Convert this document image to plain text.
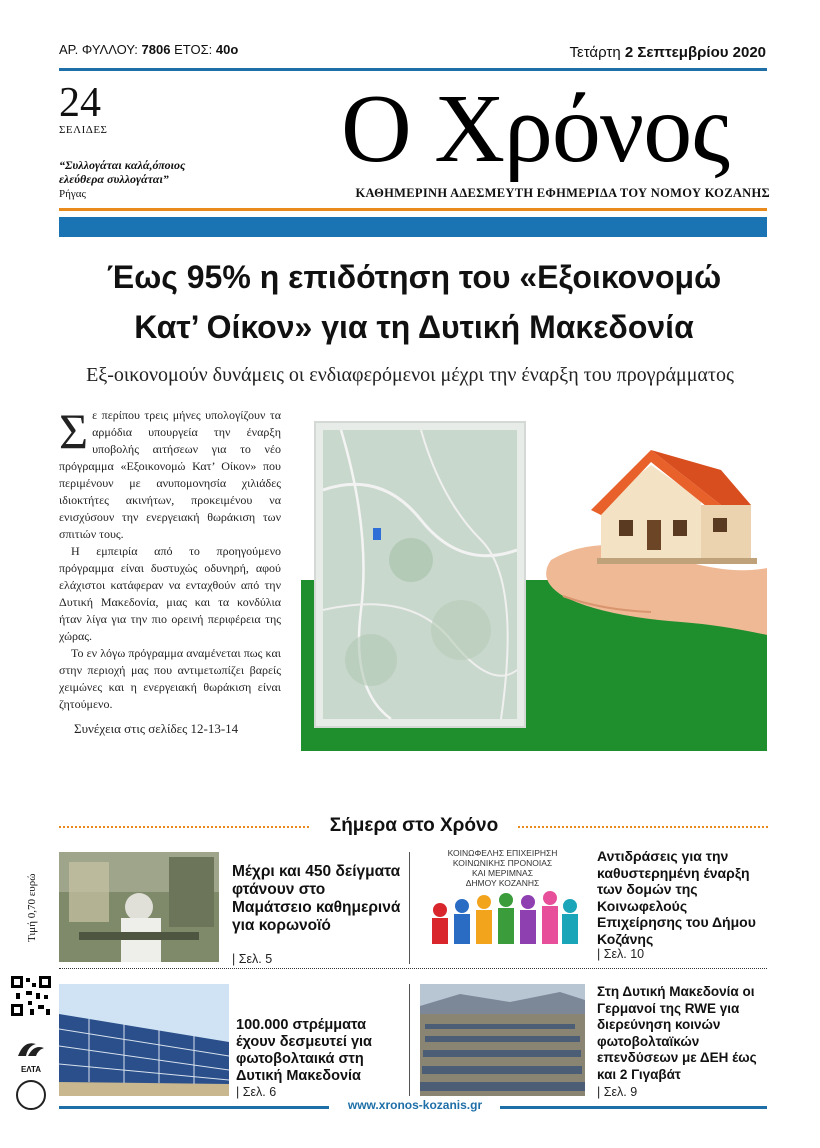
ΑΡ. ΦΥΛΛΟΥ: 7806 ΕΤΟΣ: 40ο	Τετάρτη 2 Σεπτεμβρίου 2020
24
ΣΕΛΙΔΕΣ
“Συλλογάται καλά,όποιος
ελεύθερα συλλογάται”
Ρήγας
Ο Χρόνος
ΚΑΘΗΜΕΡΙΝΗ ΑΔΕΣΜΕΥΤΗ ΕΦΗΜΕΡΙΔΑ ΤΟΥ ΝΟΜΟΥ ΚΟΖΑΝΗΣ
Έως 95% η επιδότηση του «Εξοικονομώ
Κατ’ Οίκον» για τη Δυτική Μακεδονία
Εξ-οικονομούν δυνάμεις οι ενδιαφερόμενοι μέχρι την έναρξη του προγράμματος

Σε περίπου τρεις μήνες υπολογίζουν τα αρμόδια υπουργεία την έναρξη υποβολής αιτήσεων για το νέο πρόγραμμα «Εξοικονομώ Κατ’ Οίκον» που περιμένουν με ανυπομονησία χιλιάδες ιδιοκτήτες ακινήτων, προκειμένου να ενισχύσουν την ενεργειακή θωράκιση των σπιτιών τους.

Η εμπειρία από το προηγούμενο πρόγραμμα είναι δυστυχώς οδυνηρή, αφού ελάχιστοι κατάφεραν να ενταχθούν από την Δυτική Μακεδονία, μιας και τα κονδύλια ήταν λίγα για την πιο ορεινή περιφέρεια της χώρας.

Το εν λόγω πρόγραμμα αναμένεται πως και στην περιοχή μας που αντιμετωπίζει βαρείς χειμώνες και η ενεργειακή θωράκιση είναι ζητούμενο.

Συνέχεια στις σελίδες 12-13-14
Σήμερα στο Χρόνο
Μέχρι και 450 δείγματα φτάνουν στο Μαμάτσειο καθημερινά για κορωνοϊό
| Σελ. 5
ΚΟΙΝΩΦΕΛΗΣ ΕΠΙΧΕΙΡΗΣΗ
ΚΟΙΝΩΝΙΚΗΣ ΠΡΟΝΟΙΑΣ
ΚΑΙ ΜΕΡΙΜΝΑΣ
ΔΗΜΟΥ ΚΟΖΑΝΗΣ
Αντιδράσεις για την καθυστερημένη έναρξη των δομών της Κοινωφελούς Επιχείρησης του Δήμου Κοζάνης
| Σελ. 10
100.000 στρέμματα έχουν δεσμευτεί για φωτοβολταικά στη Δυτική Μακεδονία
| Σελ. 6
Στη Δυτική Μακεδονία οι Γερμανοί της RWE για διερεύνηση κοινών φωτοβολταϊκών επενδύσεων με ΔΕΗ έως και 2 Γιγαβάτ
| Σελ. 9
Τιμή 0,70 ευρώ
ΕΛΤΑ
www.xronos-kozanis.gr
